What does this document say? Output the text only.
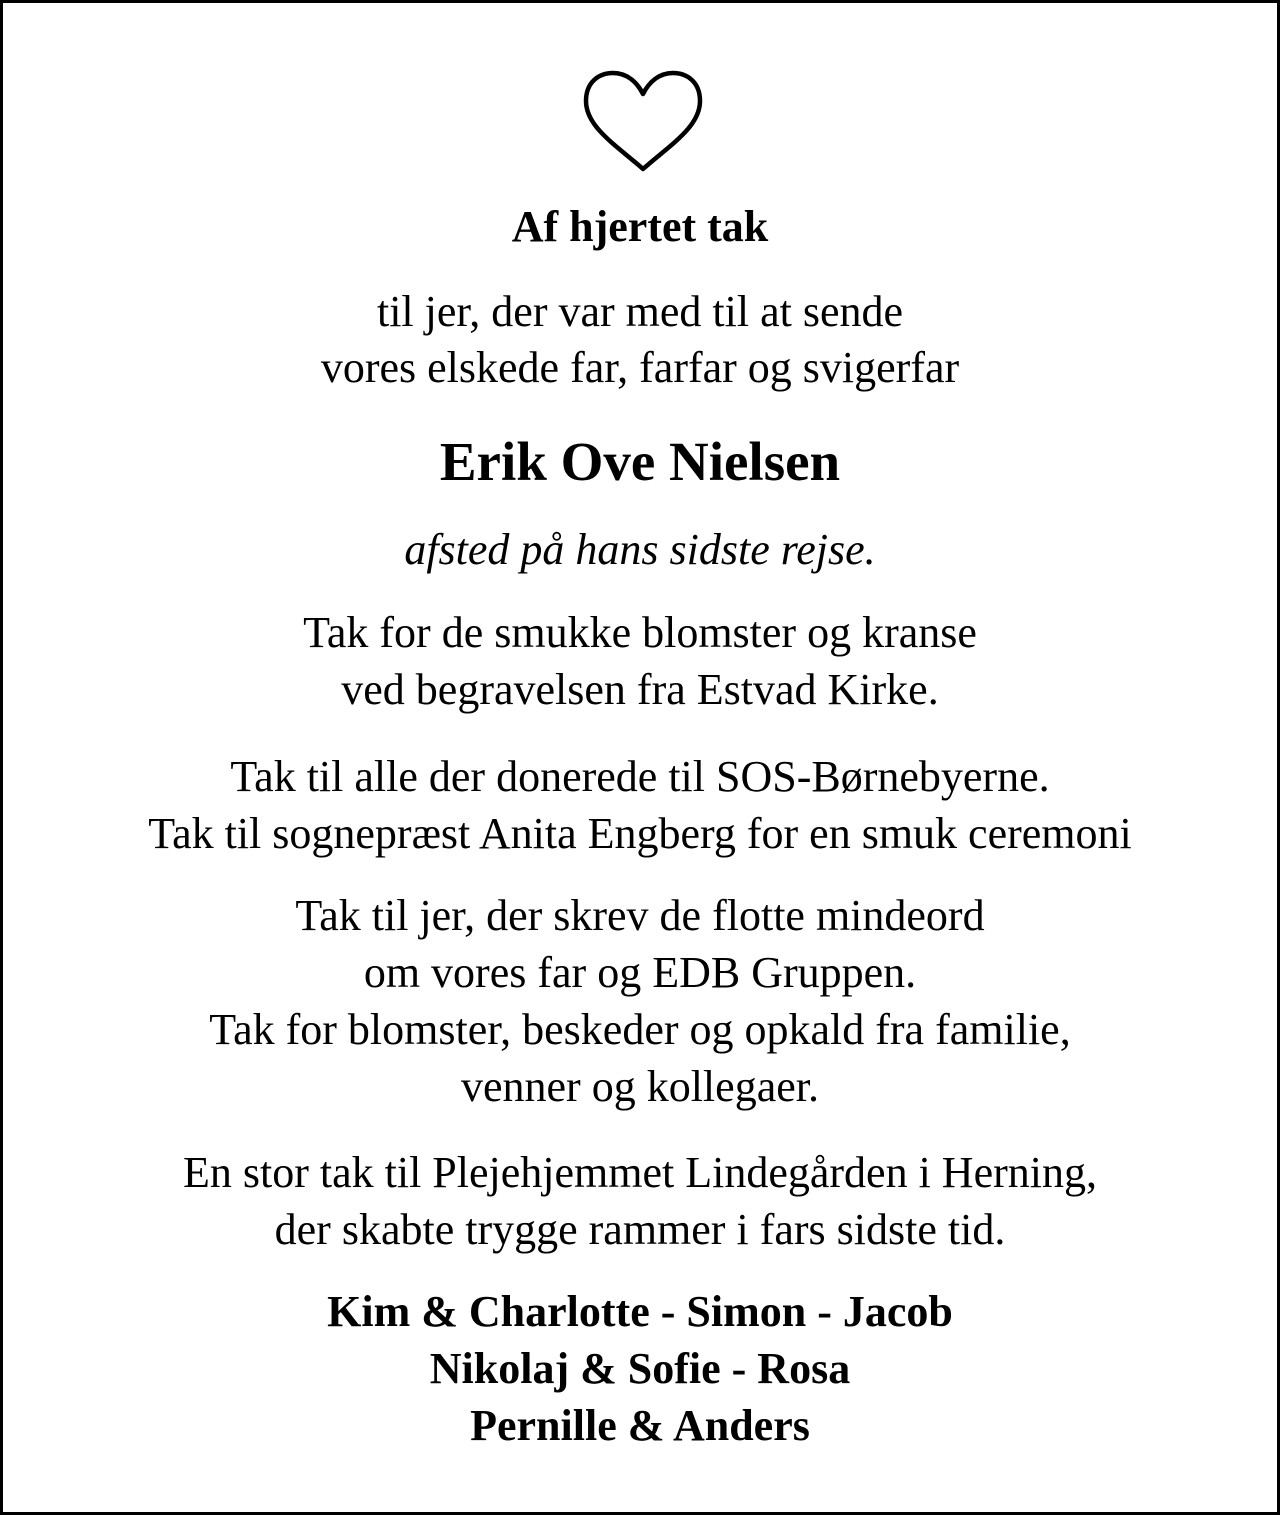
Af hjertet tak

til jer, der var med til at sende
vores elskede far, farfar og svigerfar

Erik Ove Nielsen

afsted på hans sidste rejse.

Tak for de smukke blomster og kranse
ved begravelsen fra Estvad Kirke.

Tak til alle der donerede til SOS-Børnebyerne.
Tak til sognepræst Anita Engberg for en smuk ceremoni

Tak til jer, der skrev de flotte mindeord
om vores far og EDB Gruppen.
Tak for blomster, beskeder og opkald fra familie,
venner og kollegaer.

En stor tak til Plejehjemmet Lindegården i Herning,
der skabte trygge rammer i fars sidste tid.

Kim & Charlotte - Simon - Jacob
Nikolaj & Sofie - Rosa
Pernille & Anders
